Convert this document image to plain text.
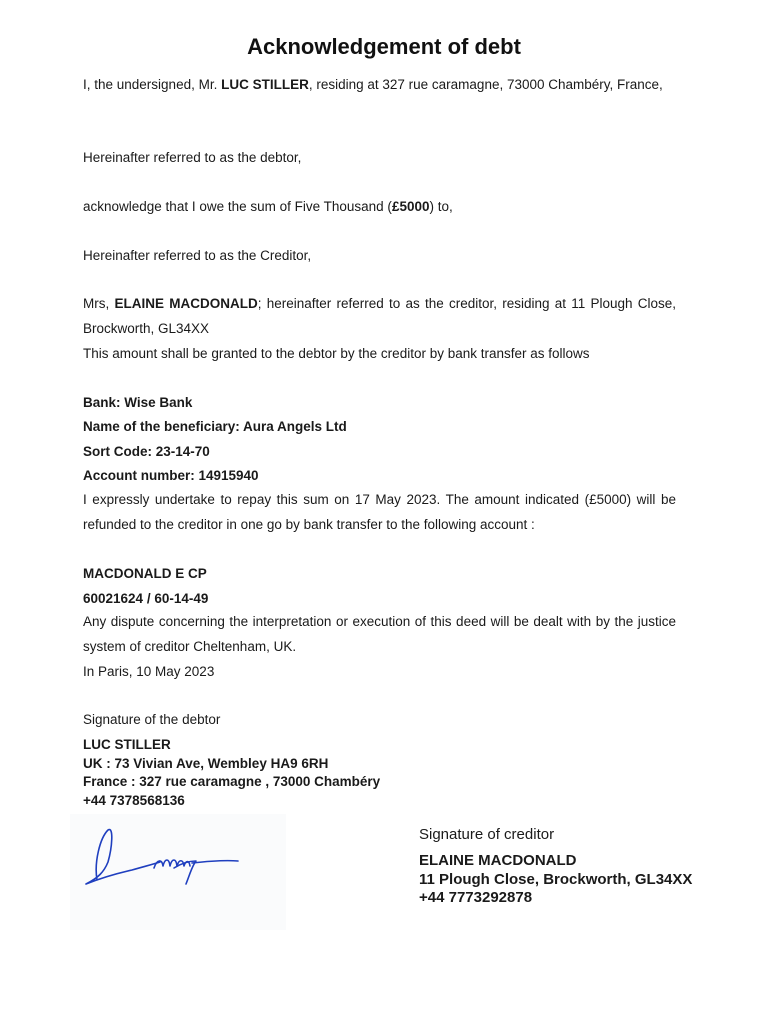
Acknowledgement of debt
I, the undersigned, Mr. LUC STILLER, residing at 327 rue caramagne, 73000 Chambéry, France,
Hereinafter referred to as the debtor,
acknowledge that I owe the sum of Five Thousand (£5000) to,
Hereinafter referred to as the Creditor,
Mrs, ELAINE MACDONALD; hereinafter referred to as the creditor, residing at 11 Plough Close, Brockworth, GL34XX
This amount shall be granted to the debtor by the creditor by bank transfer as follows
Bank: Wise Bank
Name of the beneficiary: Aura Angels Ltd
Sort Code: 23-14-70
Account number: 14915940
I expressly undertake to repay this sum on 17 May 2023. The amount indicated (£5000) will be refunded to the creditor in one go by bank transfer to the following account :
MACDONALD E CP
60021624 / 60-14-49
Any dispute concerning the interpretation or execution of this deed will be dealt with by the justice system of creditor Cheltenham, UK.
In Paris, 10 May 2023
Signature of the debtor
LUC STILLER
UK : 73 Vivian Ave, Wembley HA9 6RH
France : 327 rue caramagne , 73000 Chambéry
+44 7378568136
Signature of creditor
ELAINE MACDONALD
11 Plough Close, Brockworth, GL34XX
+44 7773292878
